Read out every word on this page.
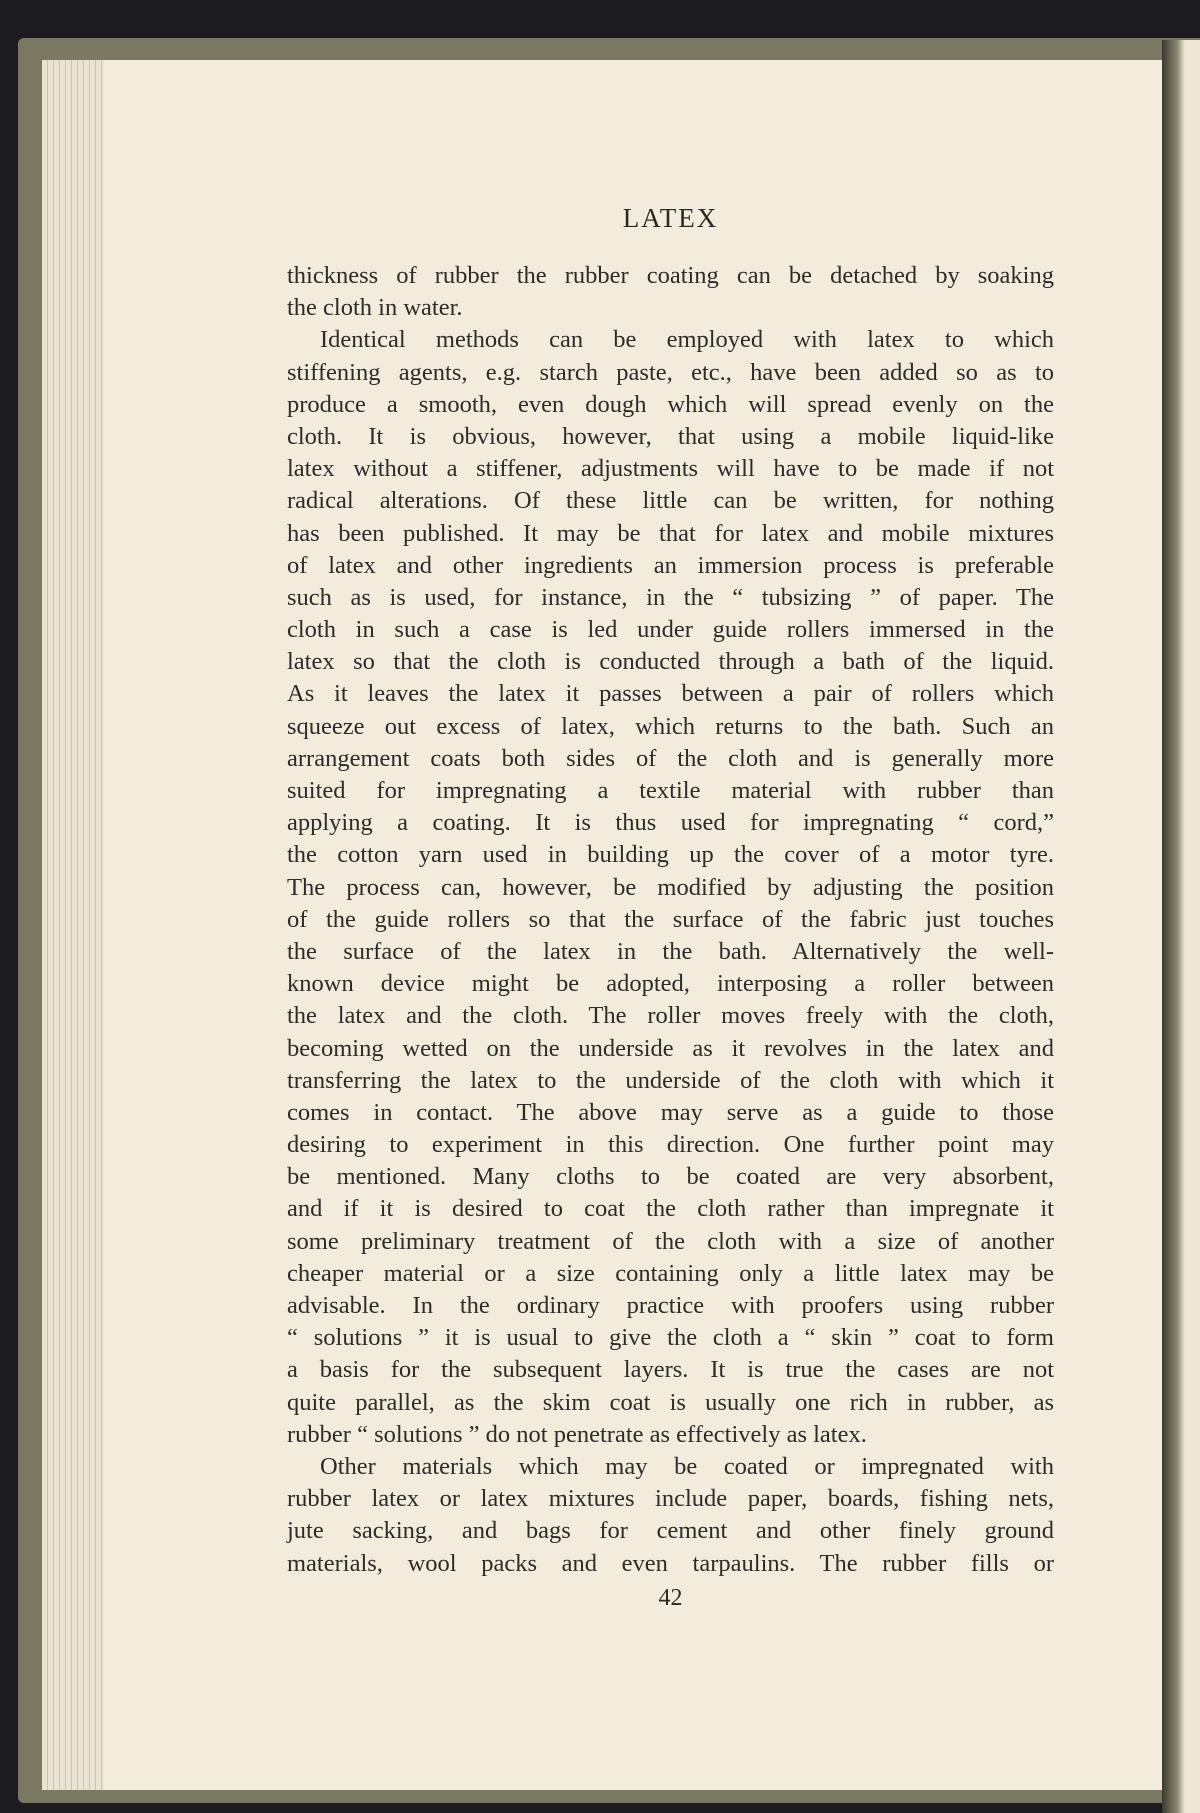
LATEX
thickness of rubber the rubber coating can be detached by soaking
the cloth in water.
Identical methods can be employed with latex to which
stiffening agents, e.g. starch paste, etc., have been added so as to
produce a smooth, even dough which will spread evenly on the
cloth. It is obvious, however, that using a mobile liquid-like
latex without a stiffener, adjustments will have to be made if not
radical alterations. Of these little can be written, for nothing
has been published. It may be that for latex and mobile mixtures
of latex and other ingredients an immersion process is preferable
such as is used, for instance, in the “ tubsizing ” of paper. The
cloth in such a case is led under guide rollers immersed in the
latex so that the cloth is conducted through a bath of the liquid.
As it leaves the latex it passes between a pair of rollers which
squeeze out excess of latex, which returns to the bath. Such an
arrangement coats both sides of the cloth and is generally more
suited for impregnating a textile material with rubber than
applying a coating. It is thus used for impregnating “ cord,”
the cotton yarn used in building up the cover of a motor tyre.
The process can, however, be modified by adjusting the position
of the guide rollers so that the surface of the fabric just touches
the surface of the latex in the bath. Alternatively the well-
known device might be adopted, interposing a roller between
the latex and the cloth. The roller moves freely with the cloth,
becoming wetted on the underside as it revolves in the latex and
transferring the latex to the underside of the cloth with which it
comes in contact. The above may serve as a guide to those
desiring to experiment in this direction. One further point may
be mentioned. Many cloths to be coated are very absorbent,
and if it is desired to coat the cloth rather than impregnate it
some preliminary treatment of the cloth with a size of another
cheaper material or a size containing only a little latex may be
advisable. In the ordinary practice with proofers using rubber
“ solutions ” it is usual to give the cloth a “ skin ” coat to form
a basis for the subsequent layers. It is true the cases are not
quite parallel, as the skim coat is usually one rich in rubber, as
rubber “ solutions ” do not penetrate as effectively as latex.
Other materials which may be coated or impregnated with
rubber latex or latex mixtures include paper, boards, fishing nets,
jute sacking, and bags for cement and other finely ground
materials, wool packs and even tarpaulins. The rubber fills or
42
